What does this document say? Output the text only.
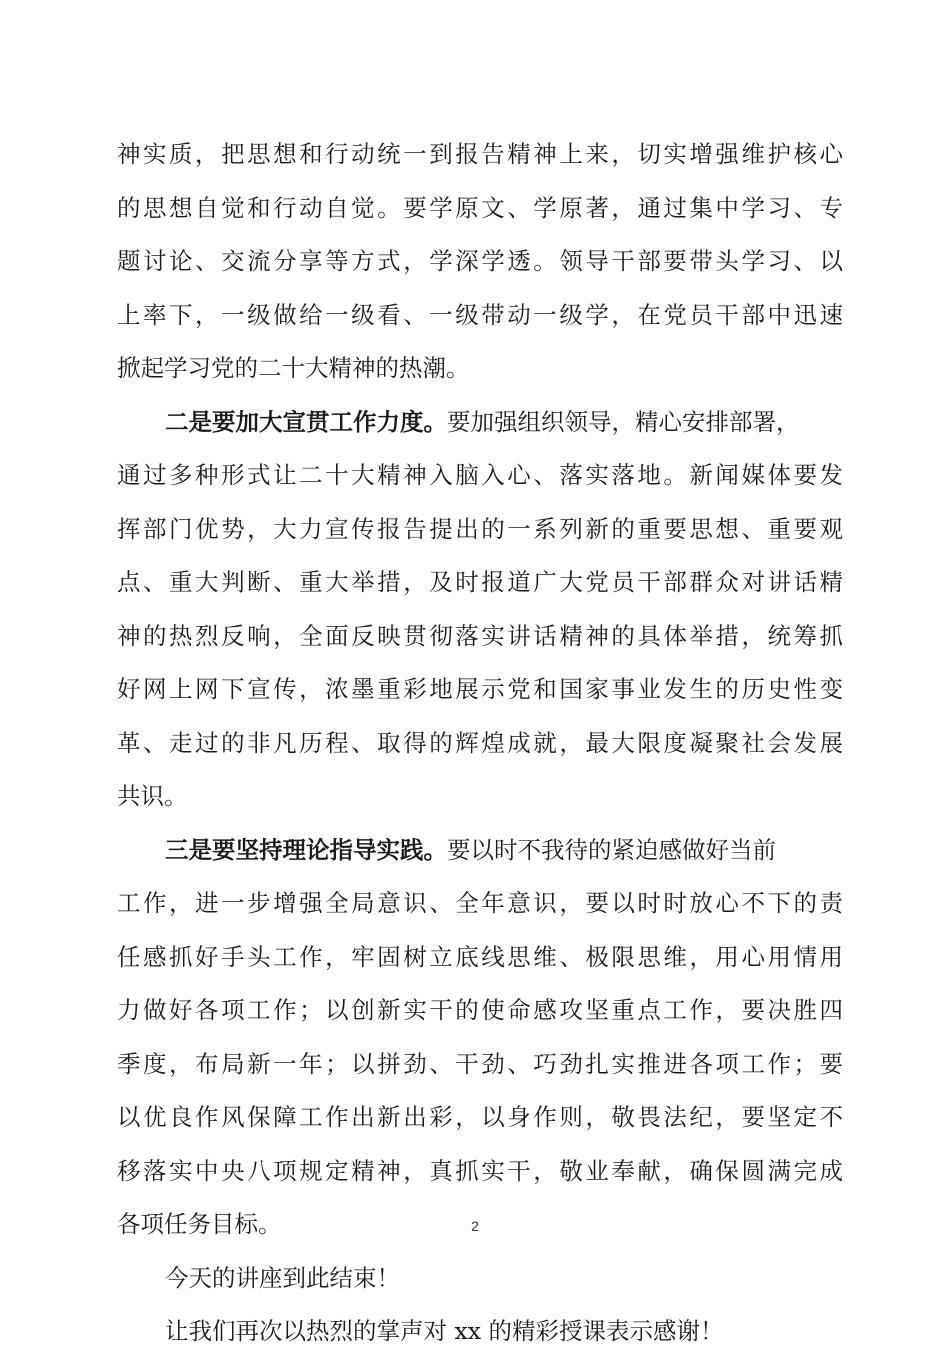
神实质，把思想和行动统一到报告精神上来，切实增强维护核心
的思想自觉和行动自觉。要学原文、学原著，通过集中学习、专
题讨论、交流分享等方式，学深学透。领导干部要带头学习、以
上率下，一级做给一级看、一级带动一级学，在党员干部中迅速
掀起学习党的二十大精神的热潮。
二是要加大宣贯工作力度。要加强组织领导，精心安排部署，
通过多种形式让二十大精神入脑入心、落实落地。新闻媒体要发
挥部门优势，大力宣传报告提出的一系列新的重要思想、重要观
点、重大判断、重大举措，及时报道广大党员干部群众对讲话精
神的热烈反响，全面反映贯彻落实讲话精神的具体举措，统筹抓
好网上网下宣传，浓墨重彩地展示党和国家事业发生的历史性变
革、走过的非凡历程、取得的辉煌成就，最大限度凝聚社会发展
共识。
三是要坚持理论指导实践。要以时不我待的紧迫感做好当前
工作，进一步增强全局意识、全年意识，要以时时放心不下的责
任感抓好手头工作，牢固树立底线思维、极限思维，用心用情用
力做好各项工作；以创新实干的使命感攻坚重点工作，要决胜四
季度，布局新一年；以拼劲、干劲、巧劲扎实推进各项工作；要
以优良作风保障工作出新出彩，以身作则，敬畏法纪，要坚定不
移落实中央八项规定精神，真抓实干，敬业奉献，确保圆满完成
各项任务目标。
今天的讲座到此结束！
让我们再次以热烈的掌声对 xx 的精彩授课表示感谢！
2
